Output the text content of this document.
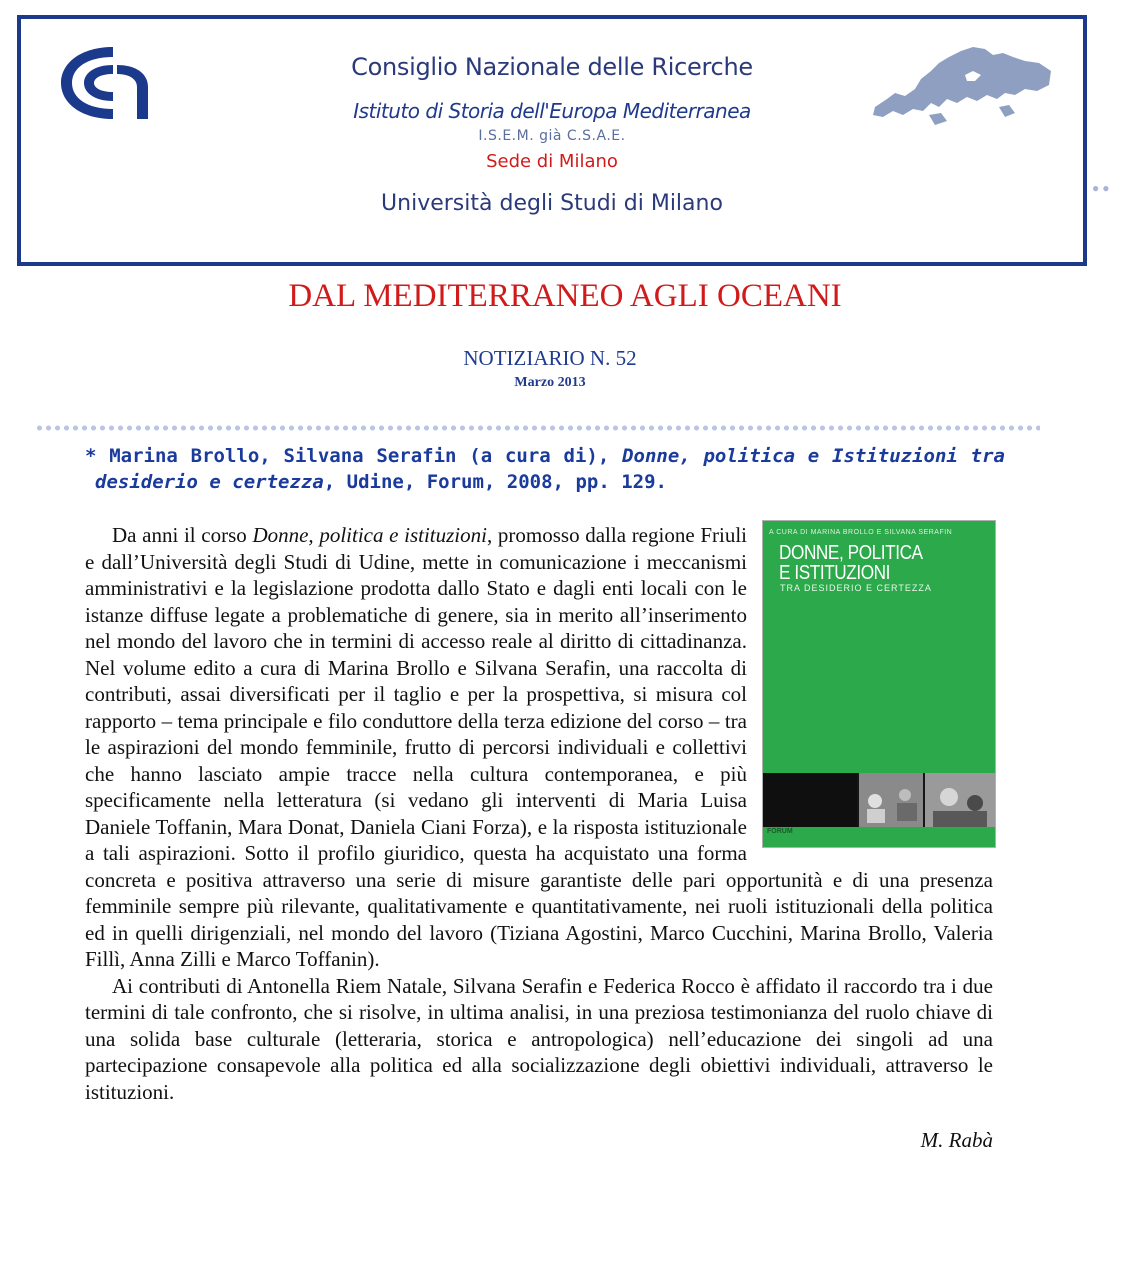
Consiglio Nazionale delle Ricerche
Istituto di Storia dell'Europa Mediterranea
I.S.E.M. già C.S.A.E.
Sede di Milano
Università degli Studi di Milano
● ●
DAL MEDITERRANEO AGLI OCEANI
NOTIZIARIO N. 52
Marzo 2013
* Marina Brollo, Silvana Serafin (a cura di), Donne, politica e Istituzioni tra desiderio e certezza, Udine, Forum, 2008, pp. 129.
A CURA DI MARINA BROLLO E SILVANA SERAFIN
DONNE, POLITICA
E ISTITUZIONI
TRA DESIDERIO E CERTEZZA
FORUM

Da anni il corso Donne, politica e istituzioni, promosso dalla regione Friuli e dall’Università degli Studi di Udine, mette in comunicazione i meccanismi amministrativi e la legislazione prodotta dallo Stato e dagli enti locali con le istanze diffuse legate a problematiche di genere, sia in merito all’inserimento nel mondo del lavoro che in termini di accesso reale al diritto di cittadinanza. Nel volume edito a cura di Marina Brollo e Silvana Serafin, una raccolta di contributi, assai diversificati per il taglio e per la prospettiva, si misura col rapporto – tema principale e filo conduttore della terza edizione del corso – tra le aspirazioni del mondo femminile, frutto di percorsi individuali e collettivi che hanno lasciato ampie tracce nella cultura contemporanea, e più specificamente nella letteratura (si vedano gli interventi di Maria Luisa Daniele Toffanin, Mara Donat, Daniela Ciani Forza), e la risposta istituzionale a tali aspirazioni. Sotto il profilo giuridico, questa ha acquistato una forma concreta e positiva attraverso una serie di misure garantiste delle pari opportunità e di una presenza femminile sempre più rilevante, qualitativamente e quantitativamente, nei ruoli istituzionali della politica ed in quelli dirigenziali, nel mondo del lavoro (Tiziana Agostini, Marco Cucchini, Marina Brollo, Valeria Fillì, Anna Zilli e Marco Toffanin).

Ai contributi di Antonella Riem Natale, Silvana Serafin e Federica Rocco è affidato il raccordo tra i due termini di tale confronto, che si risolve, in ultima analisi, in una preziosa testimonianza del ruolo chiave di una solida base culturale (letteraria, storica e antropologica) nell’educazione dei singoli ad una partecipazione consapevole alla politica ed alla socializzazione degli obiettivi individuali, attraverso le istituzioni.

M. Rabà
